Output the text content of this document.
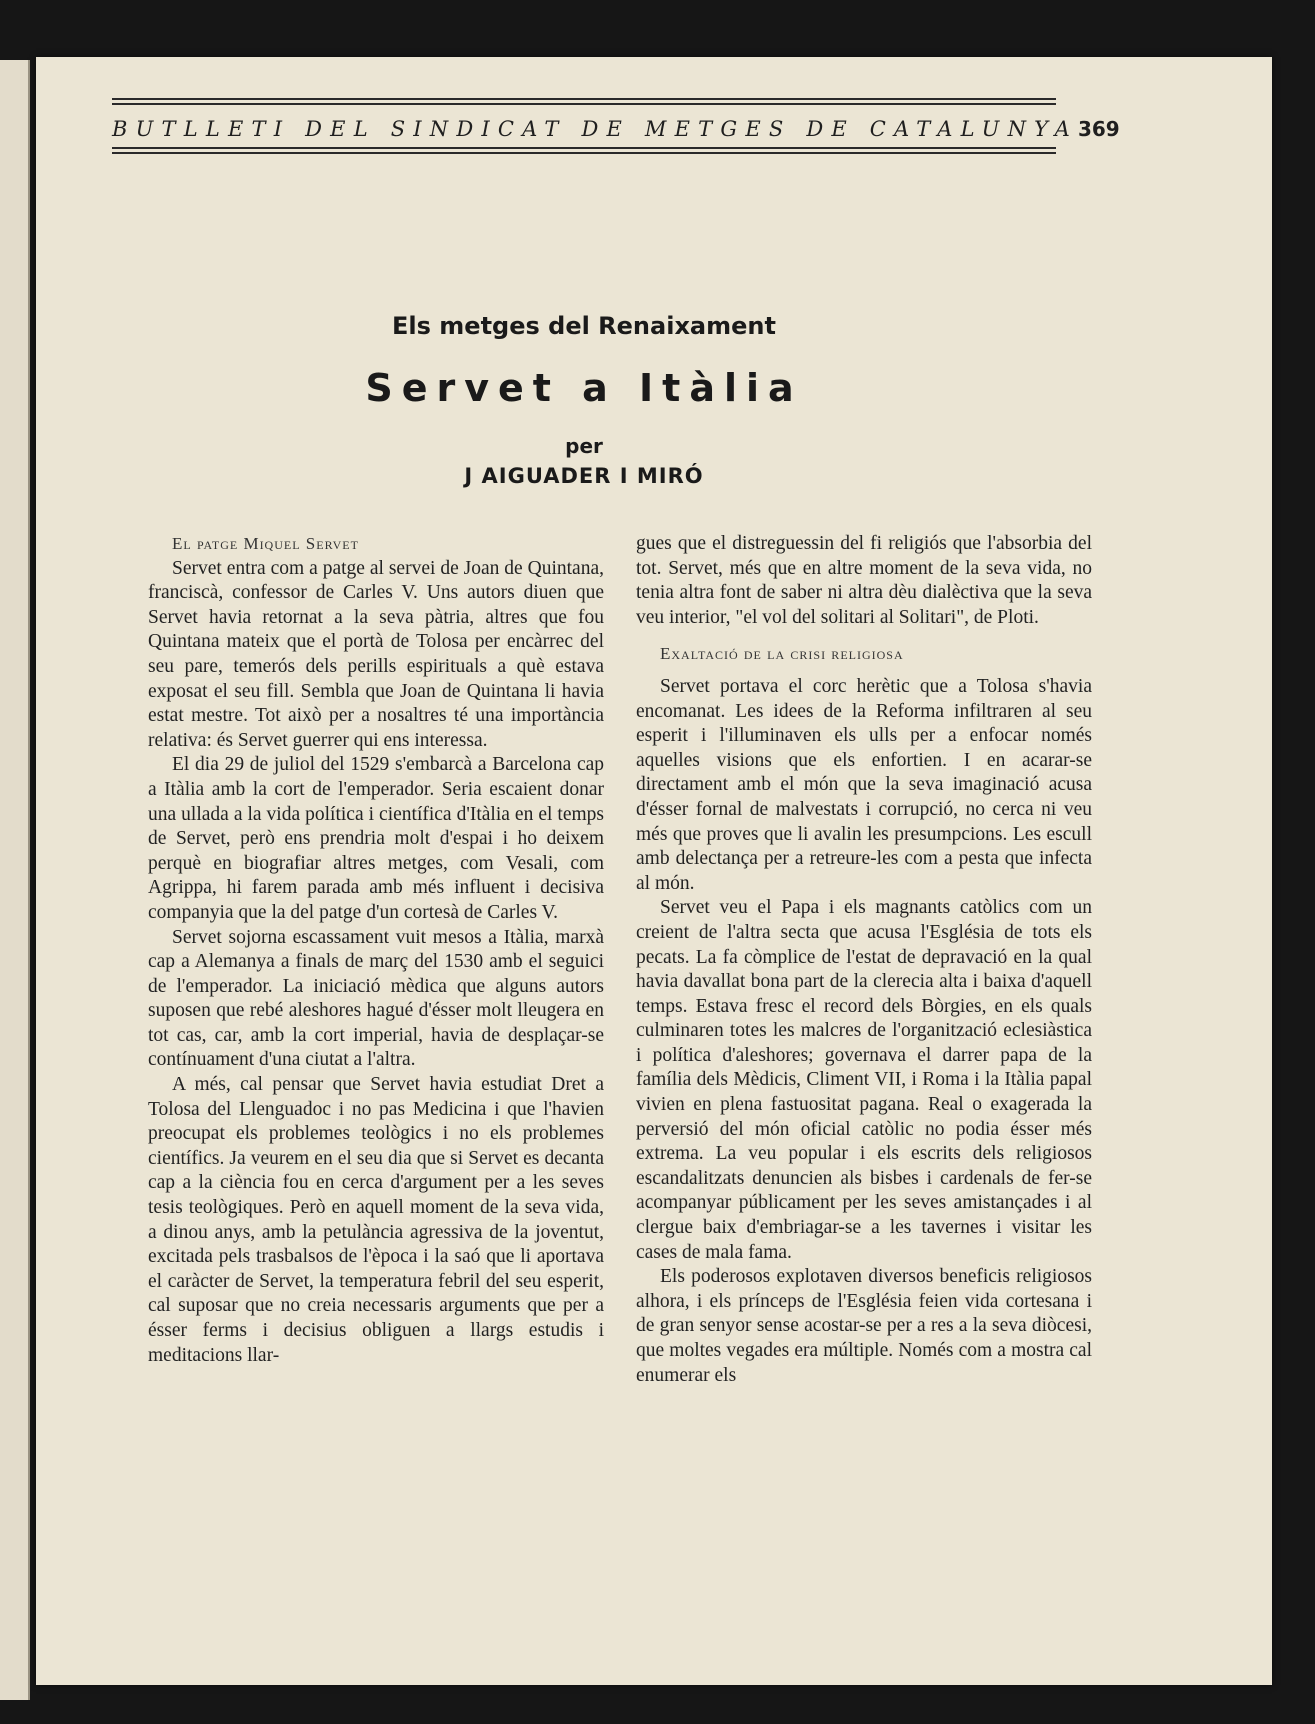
BUTLLETI DEL SINDICAT DE METGES DE CATALUNYA 369

Els metges del Renaixament

Servet a Itàlia

per

J AIGUADER I MIRÓ

El patge Miquel Servet

Servet entra com a patge al servei de Joan de Quintana, franciscà, confessor de Carles V. Uns autors diuen que Servet havia retornat a la seva pàtria, altres que fou Quintana mateix que el portà de Tolosa per encàrrec del seu pare, temerós dels perills espirituals a què estava exposat el seu fill. Sembla que Joan de Quintana li havia estat mestre. Tot això per a nosaltres té una importància relativa: és Servet guerrer qui ens interessa.

El dia 29 de juliol del 1529 s'embarcà a Barcelona cap a Itàlia amb la cort de l'emperador. Seria escaient donar una ullada a la vida política i científica d'Itàlia en el temps de Servet, però ens prendria molt d'espai i ho deixem perquè en biografiar altres metges, com Vesali, com Agrippa, hi farem parada amb més influent i decisiva companyia que la del patge d'un cortesà de Carles V.

Servet sojorna escassament vuit mesos a Itàlia, marxà cap a Alemanya a finals de març del 1530 amb el seguici de l'emperador. La iniciació mèdica que alguns autors suposen que rebé aleshores hagué d'ésser molt lleugera en tot cas, car, amb la cort imperial, havia de desplaçar-se contínuament d'una ciutat a l'altra.

A més, cal pensar que Servet havia estudiat Dret a Tolosa del Llenguadoc i no pas Medicina i que l'havien preocupat els problemes teològics i no els problemes científics. Ja veurem en el seu dia que si Servet es decanta cap a la ciència fou en cerca d'argument per a les seves tesis teològiques. Però en aquell moment de la seva vida, a dinou anys, amb la petulància agressiva de la joventut, excitada pels trasbalsos de l'època i la saó que li aportava el caràcter de Servet, la temperatura febril del seu esperit, cal suposar que no creia necessaris arguments que per a ésser ferms i decisius obliguen a llargs estudis i meditacions llar-

gues que el distreguessin del fi religiós que l'absorbia del tot. Servet, més que en altre moment de la seva vida, no tenia altra font de saber ni altra dèu dialèctiva que la seva veu interior, "el vol del solitari al Solitari", de Ploti.

Exaltació de la crisi religiosa

Servet portava el corc herètic que a Tolosa s'havia encomanat. Les idees de la Reforma infiltraren al seu esperit i l'illuminaven els ulls per a enfocar només aquelles visions que els enfortien. I en acarar-se directament amb el món que la seva imaginació acusa d'ésser fornal de malvestats i corrupció, no cerca ni veu més que proves que li avalin les presumpcions. Les escull amb delectança per a retreure-les com a pesta que infecta al món.

Servet veu el Papa i els magnants catòlics com un creient de l'altra secta que acusa l'Església de tots els pecats. La fa còmplice de l'estat de depravació en la qual havia davallat bona part de la clerecia alta i baixa d'aquell temps. Estava fresc el record dels Bòrgies, en els quals culminaren totes les malcres de l'organització eclesiàstica i política d'aleshores; governava el darrer papa de la família dels Mèdicis, Climent VII, i Roma i la Itàlia papal vivien en plena fastuositat pagana. Real o exagerada la perversió del món oficial catòlic no podia ésser més extrema. La veu popular i els escrits dels religiosos escandalitzats denuncien als bisbes i cardenals de fer-se acompanyar públicament per les seves amistançades i al clergue baix d'embriagar-se a les tavernes i visitar les cases de mala fama.

Els poderosos explotaven diversos beneficis religiosos alhora, i els prínceps de l'Església feien vida cortesana i de gran senyor sense acostar-se per a res a la seva diòcesi, que moltes vegades era múltiple. Només com a mostra cal enumerar els
